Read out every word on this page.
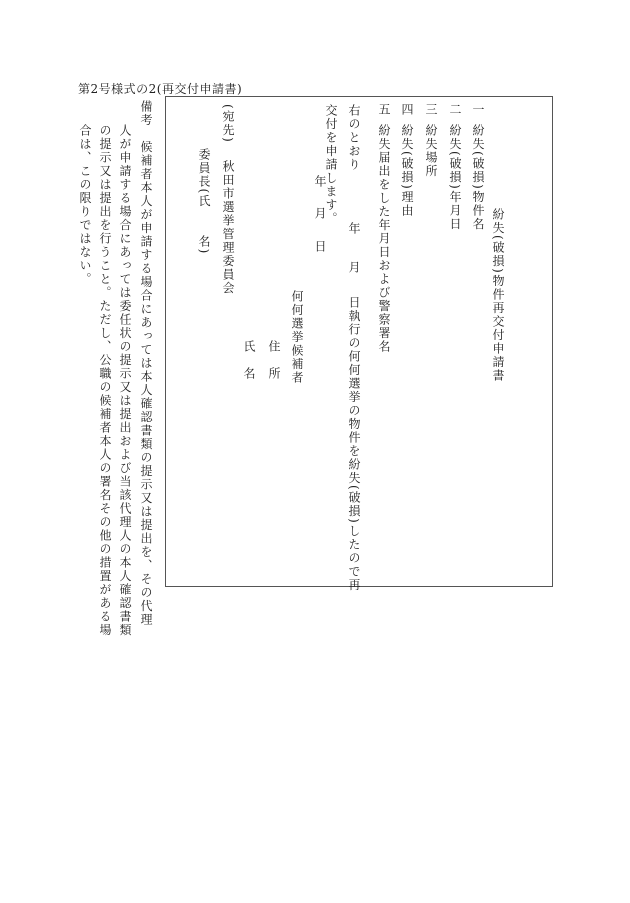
第2号様式の2(再交付申請書)
紛失(破損)物件再交付申請書
一
紛失(破損)物件名
二
紛失(破損)年月日
三
紛失場所
四
紛失(破損)理由
五
紛失届出をした年月日および警察署名
右のとおり
年
月
日執行の何何選挙の物件を紛失(破損)したので再
交付を申請します。
年
月
日
何何選挙候補者
住　所
氏　名
(宛先)
秋田市選挙管理委員会
委員長(氏　　名)
備考　候補者本人が申請する場合にあっては本人確認書類の提示又は提出を、その代理
人が申請する場合にあっては委任状の提示又は提出および当該代理人の本人確認書類
の提示又は提出を行うこと。ただし、公職の候補者本人の署名その他の措置がある場
合は、この限りではない。
